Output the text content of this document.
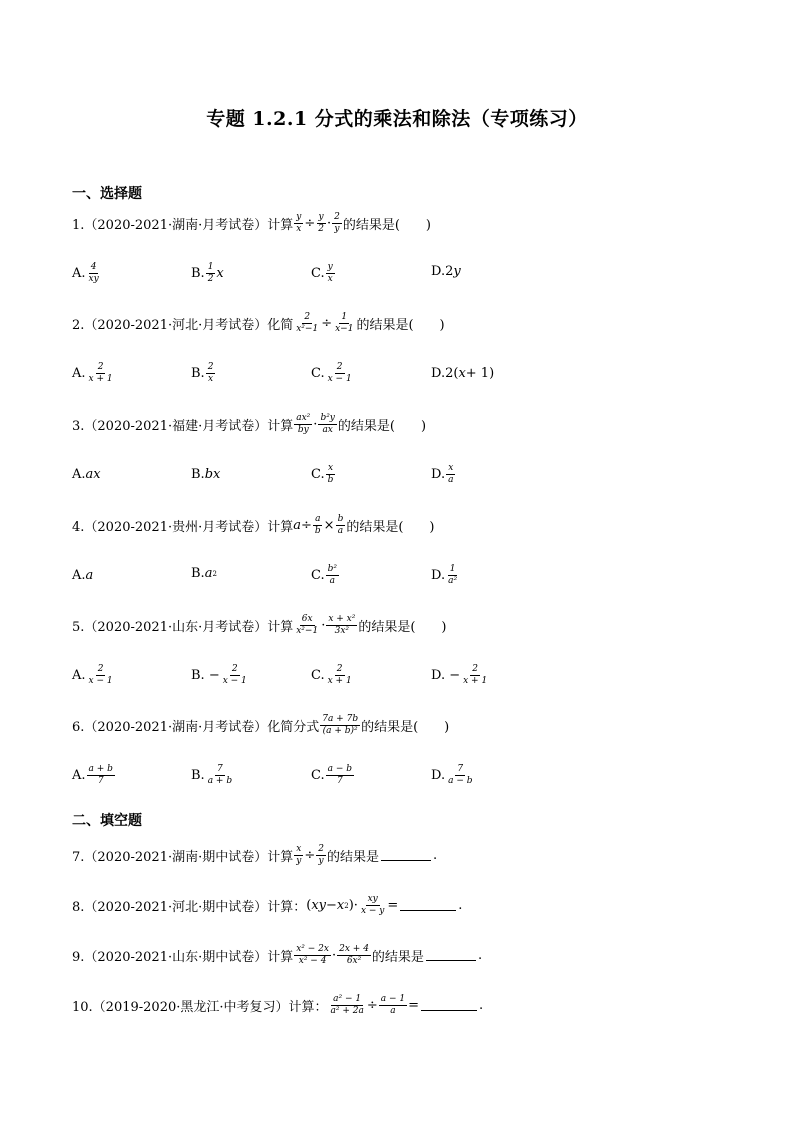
专题 1.2.1 分式的乘法和除法（专项练习）
一、选择题
1.（2020-2021·湖南·月考试卷）计算 $\frac{y}{x} \div \frac{y}{2} \cdot \frac{2}{y}$ 的结果是(　　)
A. $\frac{4}{xy}$	B. $\frac{1}{2}$ x	C. $\frac{y}{x}$	D.2 y
2.（2020-2021·河北·月考试卷）化简 $\frac{2}{\text{x²−1}} \div \frac{1}{x-1}$ 的结果是(　　)
A. $\frac{2}{x + 1}$	B. $\frac{2}{x}$	C. $\frac{2}{x - 1}$	D.2( x + 1)
3.（2020-2021·福建·月考试卷）计算 $\frac{\text{ax²}}{by} \cdot \frac{\text{b²y}}{ax}$ 的结果是(　　)
A. ax	B. bx	C. $\frac{x}{b}$	D. $\frac{x}{a}$
4.（2020-2021·贵州·月考试卷）计算 $a \div \frac{a}{b} \times \frac{b}{a}$ 的结果是(　　)
A. a	B. a 2	C. $\frac{\text{b²}}{a}$	D. $\frac{1}{\text{a²}}$
5.（2020-2021·山东·月考试卷）计算 $\frac{6x}{\text{x²−1}} \cdot \frac{\text{x + x²}}{\text{3x²}}$ 的结果是(　　)
A. $\frac{2}{x - 1}$	B. − $\frac{2}{x - 1}$	C. $\frac{2}{x + 1}$	D. − $\frac{2}{x + 1}$
6.（2020-2021·湖南·月考试卷）化简分式 $\frac{7a + 7b}{\text{(a + b)²}}$ 的结果是(　　)
A. $\frac{a + b}{7}$	B. $\frac{7}{a + b}$	C. $\frac{a - b}{7}$	D. $\frac{7}{a - b}$
二、填空题
7.（2020-2021·湖南·期中试卷）计算 $\frac{x}{y} \div \frac{2}{y}$ 的结果是	.
8.（2020-2021·河北·期中试卷）计算： ( xy − x 2 )· $\frac{xy}{x - y}$ =	.
9.（2020-2021·山东·期中试卷）计算 $\frac{\text{x² − 2x}}{\text{x² − 4}} \cdot \frac{2x + 4}{\text{6x²}}$ 的结果是	.
10.（2019-2020·黑龙江·中考复习）计算： $\frac{\text{a² − 1}}{\text{a² + 2a}} \div \frac{a - 1}{a}$ =	.
